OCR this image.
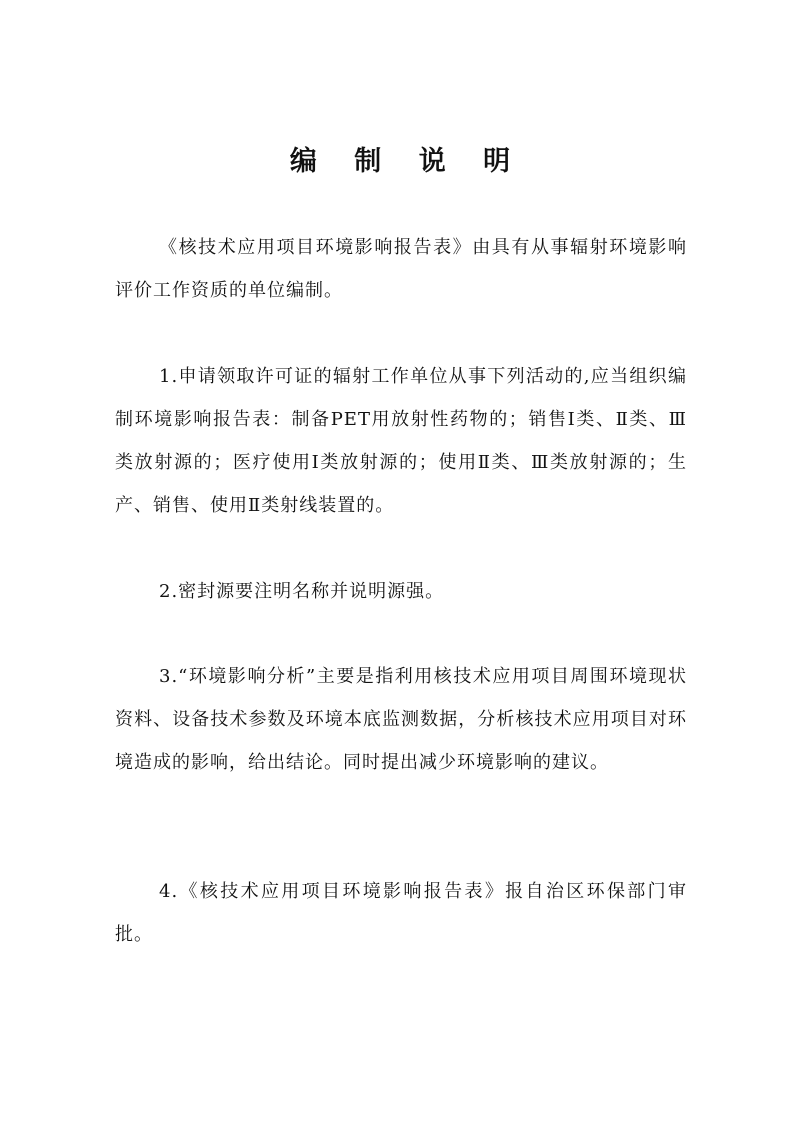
编 制 说 明

《核技术应用项目环境影响报告表》由具有从事辐射环境影响评价工作资质的单位编制。

1.申请领取许可证的辐射工作单位从事下列活动的,应当组织编制环境影响报告表：制备PET用放射性药物的；销售Ⅰ类、Ⅱ类、Ⅲ类放射源的；医疗使用Ⅰ类放射源的；使用Ⅱ类、Ⅲ类放射源的；生产、销售、使用Ⅱ类射线装置的。

2.密封源要注明名称并说明源强。

3.“环境影响分析”主要是指利用核技术应用项目周围环境现状资料、设备技术参数及环境本底监测数据，分析核技术应用项目对环境造成的影响，给出结论。同时提出减少环境影响的建议。

4.《核技术应用项目环境影响报告表》报自治区环保部门审批。
